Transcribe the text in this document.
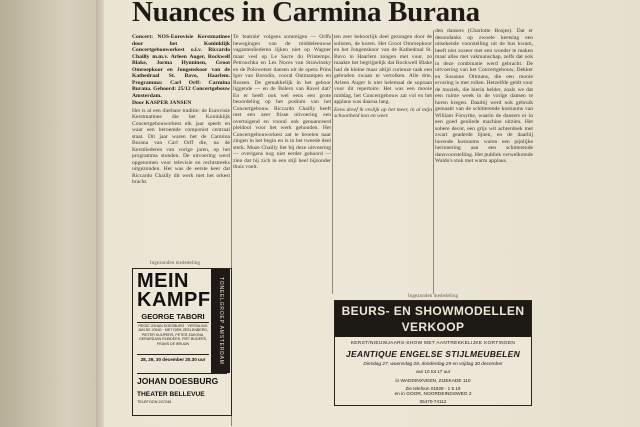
Nuances in Carmina Burana

Concert: NOS-Eurovisie Kerstmatinee door het Koninklijk Concertgebouworkest o.l.v. Riccardo Chailly m.m.v. Arleen Auger, Rockwell Blake, Jorma Hynninen, Groot Omroepkoor en Jongenskoor van de Kathedraal St. Bavo, Haarlem. Programma: Carl Orff: Carmina Burana. Gehoord: 25/12 Concertgebouw Amsterdam.

Door KASPER JANSEN

Het is al een dierbare traditie: de Eurovisie Kerstmatinee die het Koninklijk Concertgebouworkest elk jaar speelt en waar een beroemde componist centraal staat. Dit jaar waren het de Carmina Burana van Carl Orff die, na de Kerstliederen van vorige jaren, op het programma stonden. De uitvoering werd opgenomen voor televisie en rechtstreeks uitgezonden. Het was de eerste keer dat Riccardo Chailly dit werk met het orkest bracht.

Te 'teatrale' volgens sommigen — Orffs bewegingen van de middeleeuwse vagantenliederen lijken niet op Wagner maar veel op Le Sacre du Printemps. Petrouchka en Les Noces van Strawinsky en de Polowetser dansen uit de opera Prins Igor van Borodin, vooral Ontmantpen en Russen. De gemakkelijk in het gehoor liggende — en de Bolero van Ravel dat? En er heeft ook wel eens een grote beoordeling op het podium van het Concertgebouw. Riccardo Chailly heeft met een zeer frisse uitvoering een overtuigend en vooral ook genuanceerd pleidooi voor het werk gehouden. Het Concertgebouworkest zat te broeien naar zingen in het begin en is in het tweede deel sterk. Muze Chailly liet bij deze uitvoering — overigens nog niet eerder gehoord — zien dat hij zich in een stijl heel bijzonder thuis voelt.

ten zeer behoorlijk deel gezongen door de solisten, de koren. Het Groot Omroepkoor en het Jongenskoor van de Kathedraal St. Bavo in Haarlem zongen met vuur, zo maakte het begrijpelijk dat Rockwell Blake had de kleine maar altijd curieuze taak een gebraden zwaan te vertolken. Alle drie, Arleen Auger is niet helemaal de sopraan voor dit repertoire. Het was een mooie middag, het Concertgebouw zat vol en het applaus was daarna lang.

Eens dreef ik vrolijk op het meer, in al mijn schoonheid kon en weer.

den dansers (Charlotte Bosjes). Dat er desondanks op zwoele keetslag een uitsekende voorstelling uit de bus kwam, heeft niet zozeer met een wonder te maken maar alles met vakmanschap, zelfs dat ook in deze combinatie werd gebracht. De uitvoering van het Concertgebouw, Dekker en Susanne Oltmans, die een mooie ervaring is met rollen. Hetzelfde geldt voor de muziek, die hierin helder, zoals we dat een ruime week in de vorige dansen te horen kregen. Daarbij werd ook gebruik gemaakt van de schitterende kostuums van William Forsythe, waarin de dansers er in een goed geoliede machine uitzien. Het sobere decor, een grijs wit achterdoek met zwart geaderde lijnen, en de daarbij horende kostuums waren een pijnlijke herinnering aan een schitterende dansvoorstelling. Het publiek verwelkomde Waldo's stuk met warm applaus.

Ingezonden mededeling
MEIN KAMPF
GEORGE TABORI	TONEELGROEP AMSTERDAM
REGIE JOHAN DOESBURG · VERTALING JAN DE JONG · MET DIRK ZEELENBERG, PIETER KUIJPERS, PETER ZAKONA, GERARDJAN RIJNDERS, PIET BUDERS, FRANS DE BRUIJN
28, 29, 30 december 20.30 uur
JOHAN DOESBURG
THEATER BELLEVUE
TELEFOON 247248
Ingezonden mededeling
BEURS- EN SHOWMODELLEN
VERKOOP
KERST/NIEUWJAARS-SHOW MET AANTREKKELIJKE KORTINGEN
JEANTIQUE ENGELSE STIJLMEUBELEN
Dinsdag 27, woensdag 28, donderdag 29 en vrijdag 30 december
van 10 tot 17 uur
in WADDINXVEEN, ZIJEKADE 110
Zie telefoon 01828 - 1 5 19
en in GOOR, NOORDEINDSWEG 2
05470-74112
